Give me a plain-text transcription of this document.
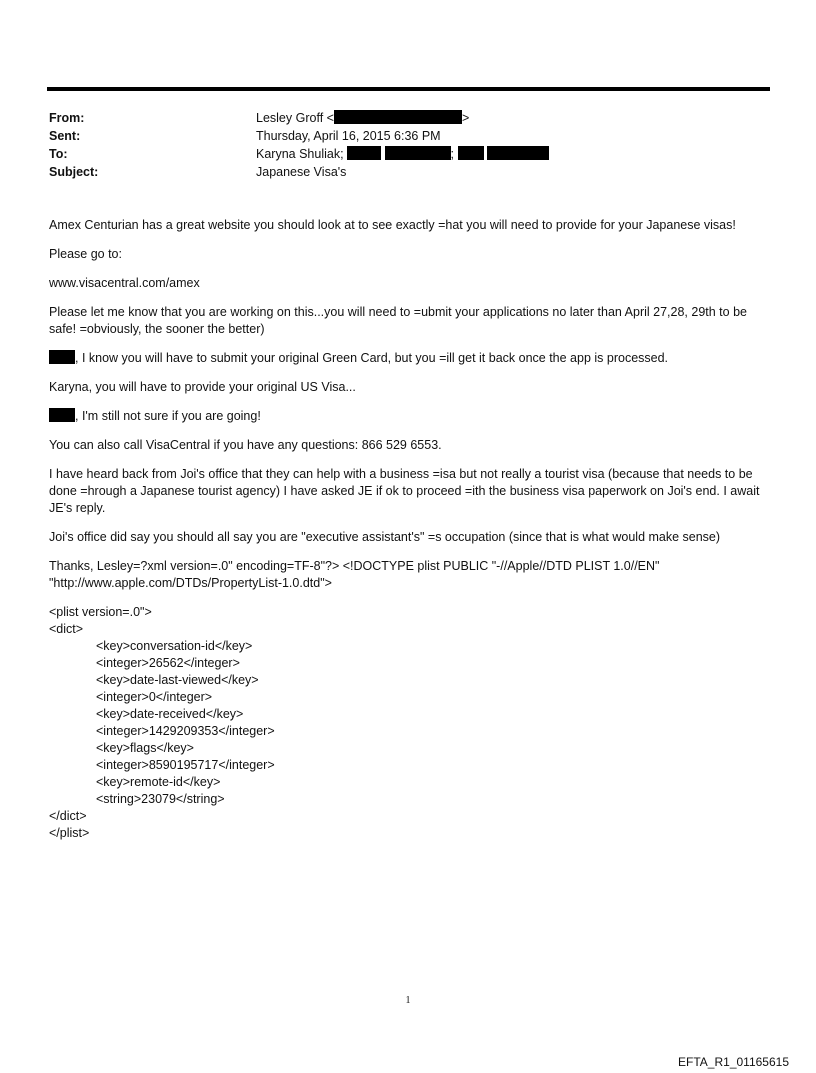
From:	Lesley Groff <	>
Sent:	Thursday, April 16, 2015 6:36 PM
To:	Karyna Shuliak;	;
Subject:	Japanese Visa's

Amex Centurian has a great website you should look at to see exactly =hat you will need to provide for your Japanese visas!

Please go to:

www.visacentral.com/amex

Please let me know that you are working on this...you will need to =ubmit your applications no later than April 27,28, 29th to be safe! =obviously, the sooner the better)

, I know you will have to submit your original Green Card, but you =ill get it back once the app is processed.

Karyna, you will have to provide your original US Visa...

, I'm still not sure if you are going!

You can also call VisaCentral if you have any questions: 866 529 6553.

I have heard back from Joi's office that they can help with a business =isa but not really a tourist visa (because that needs to be done =hrough a Japanese tourist agency) I have asked JE if ok to proceed =ith the business visa paperwork on Joi's end. I await JE's reply.

Joi's office did say you should all say you are "executive assistant's" =s occupation (since that is what would make sense)

Thanks, Lesley=?xml version=.0" encoding=TF-8"?> <!DOCTYPE plist PUBLIC "-//Apple//DTD PLIST 1.0//EN" "http://www.apple.com/DTDs/PropertyList-1.0.dtd">

<plist version=.0">
<dict>
<key>conversation-id</key>
<integer>26562</integer>
<key>date-last-viewed</key>
<integer>0</integer>
<key>date-received</key>
<integer>1429209353</integer>
<key>flags</key>
<integer>8590195717</integer>
<key>remote-id</key>
<string>23079</string>
</dict>
</plist>
1
EFTA_R1_01165615
